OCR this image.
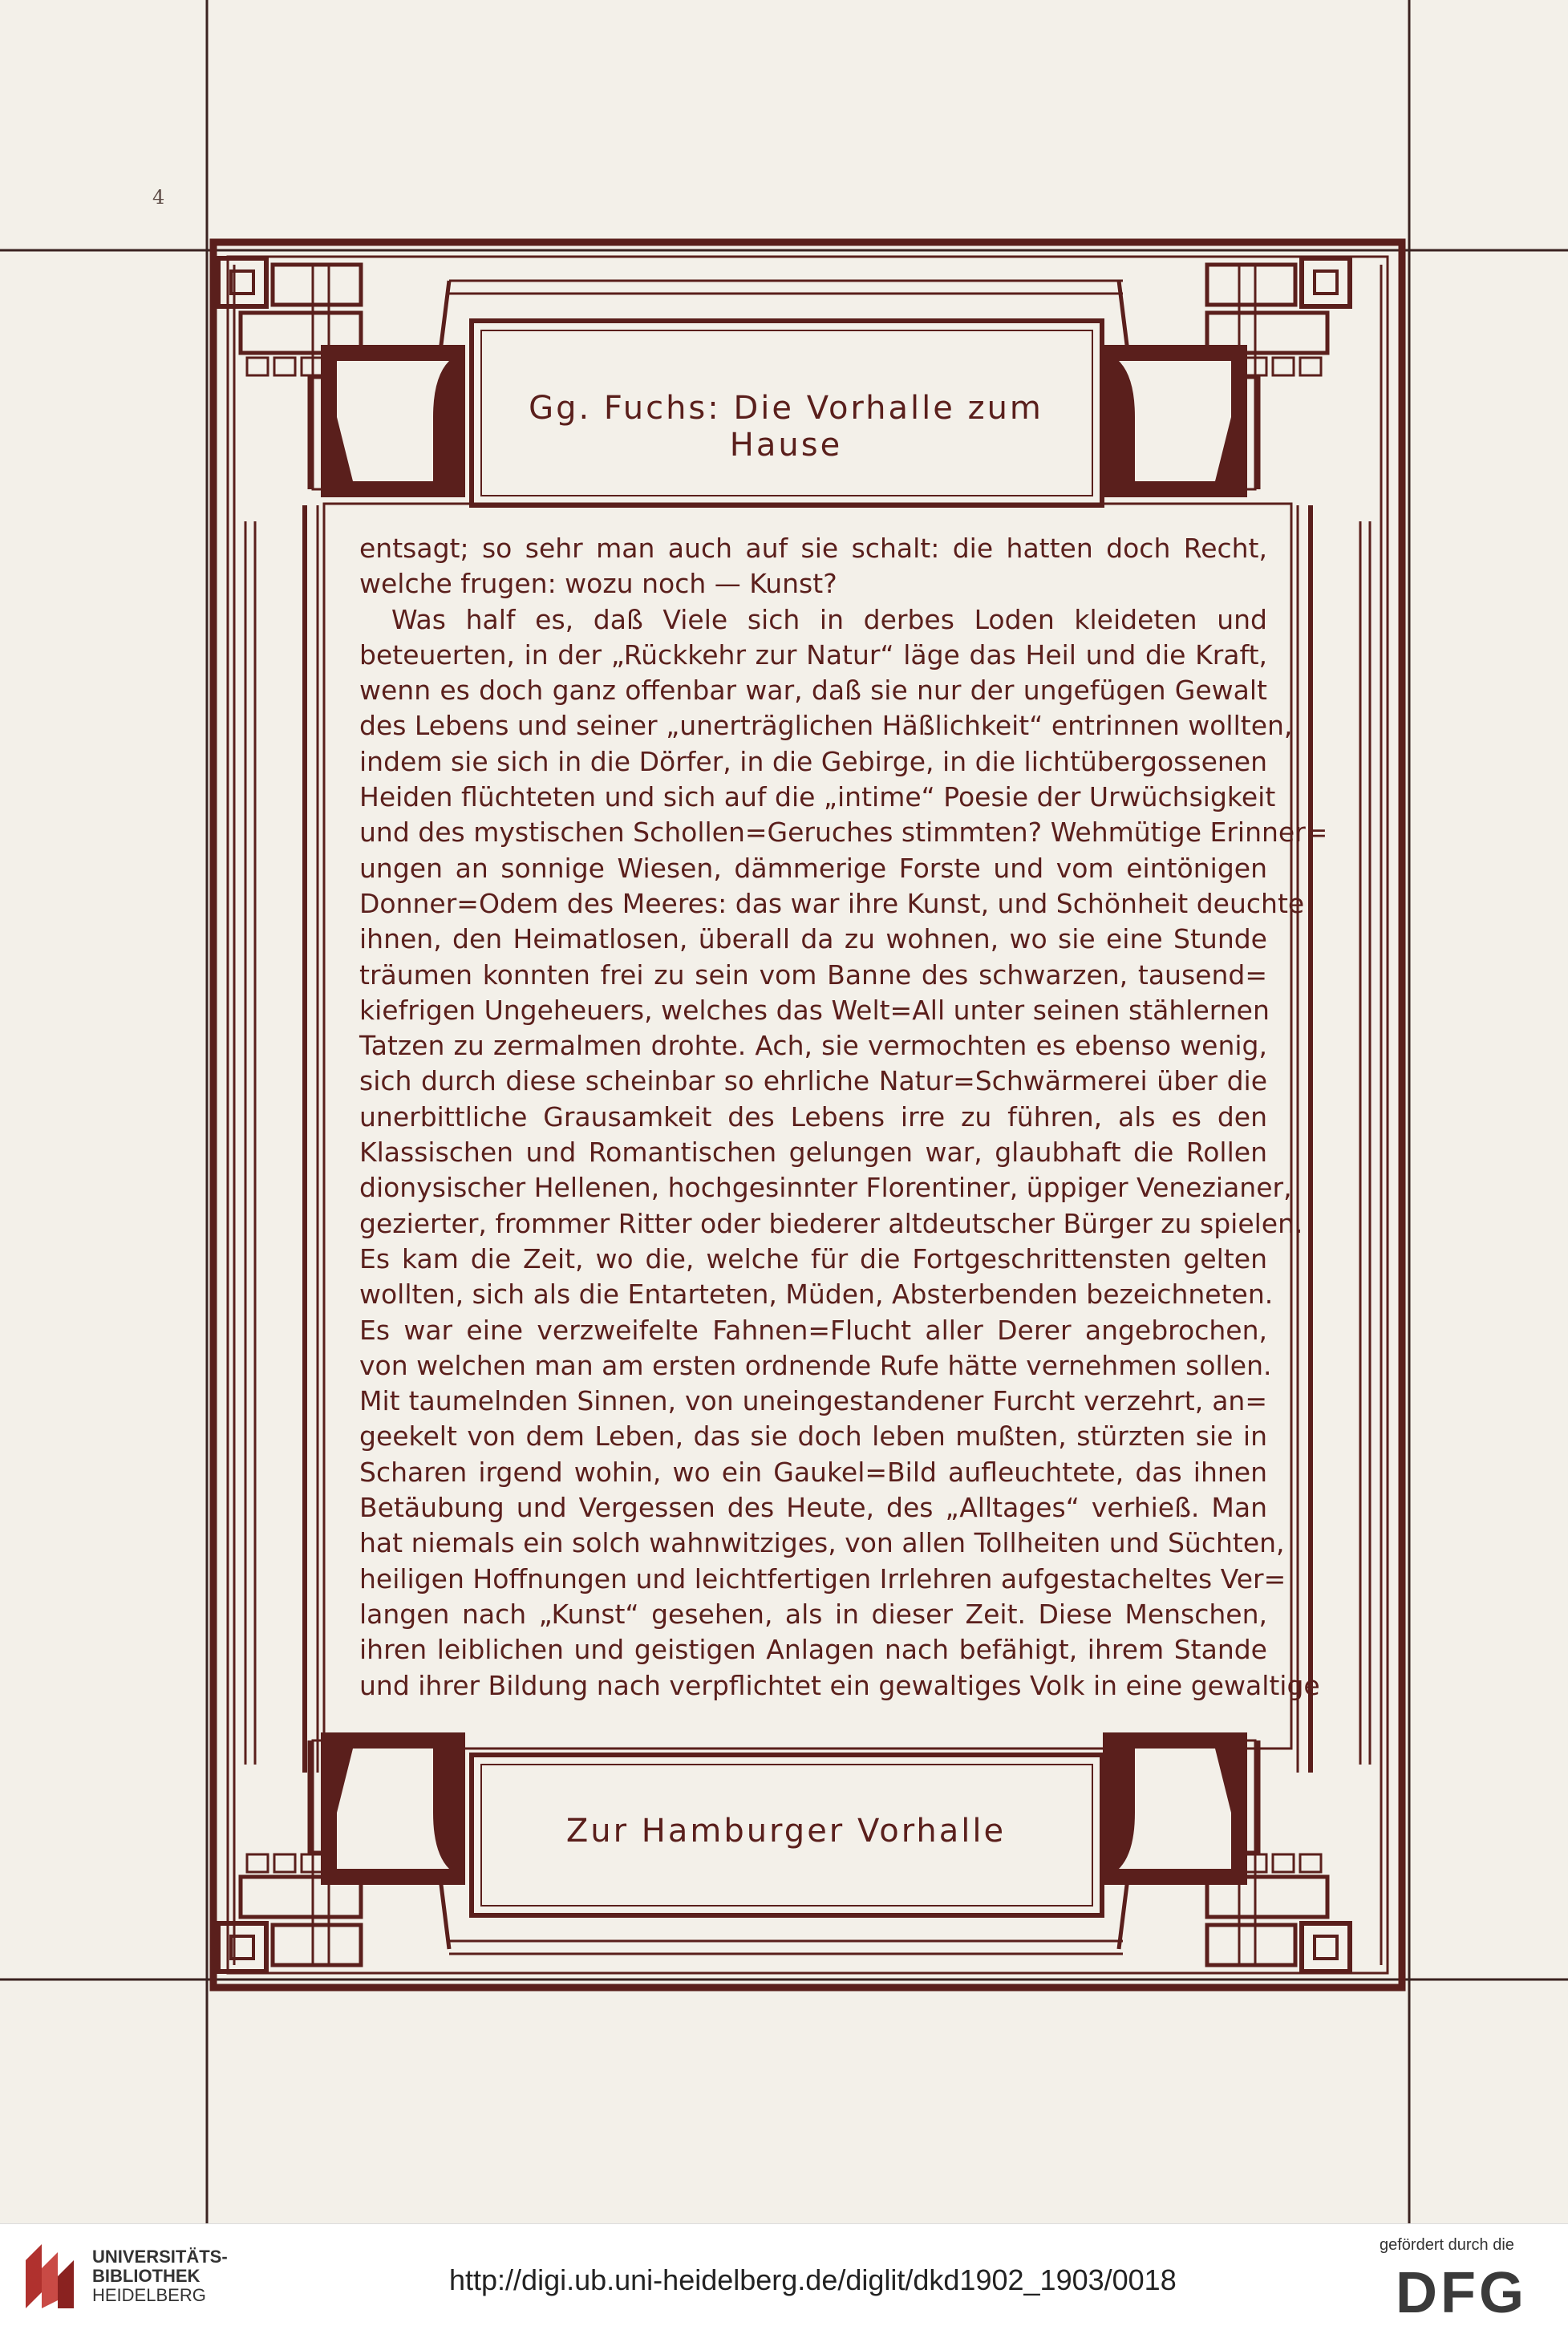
4
Gg. Fuchs: Die Vorhalle zum Hause
Zur Hamburger Vorhalle
entsagt; so sehr man auch auf sie schalt: die hatten doch Recht,
welche frugen: wozu noch — Kunst?
Was half es, daß Viele sich in derbes Loden kleideten und
beteuerten, in der „Rückkehr zur Natur“ läge das Heil und die Kraft,
wenn es doch ganz offenbar war, daß sie nur der ungefügen Gewalt
des Lebens und seiner „unerträglichen Häßlichkeit“ entrinnen wollten,
indem sie sich in die Dörfer, in die Gebirge, in die lichtübergossenen
Heiden flüchteten und sich auf die „intime“ Poesie der Urwüchsigkeit
und des mystischen Schollen=Geruches stimmten? Wehmütige Erinner=
ungen an sonnige Wiesen, dämmerige Forste und vom eintönigen
Donner=Odem des Meeres: das war ihre Kunst, und Schönheit deuchte
ihnen, den Heimatlosen, überall da zu wohnen, wo sie eine Stunde
träumen konnten frei zu sein vom Banne des schwarzen, tausend=
kiefrigen Ungeheuers, welches das Welt=All unter seinen stählernen
Tatzen zu zermalmen drohte. Ach, sie vermochten es ebenso wenig,
sich durch diese scheinbar so ehrliche Natur=Schwärmerei über die
unerbittliche Grausamkeit des Lebens irre zu führen, als es den
Klassischen und Romantischen gelungen war, glaubhaft die Rollen
dionysischer Hellenen, hochgesinnter Florentiner, üppiger Venezianer,
gezierter, frommer Ritter oder biederer altdeutscher Bürger zu spielen.
Es kam die Zeit, wo die, welche für die Fortgeschrittensten gelten
wollten, sich als die Entarteten, Müden, Absterbenden bezeichneten.
Es war eine verzweifelte Fahnen=Flucht aller Derer angebrochen,
von welchen man am ersten ordnende Rufe hätte vernehmen sollen.
Mit taumelnden Sinnen, von uneingestandener Furcht verzehrt, an=
geekelt von dem Leben, das sie doch leben mußten, stürzten sie in
Scharen irgend wohin, wo ein Gaukel=Bild aufleuchtete, das ihnen
Betäubung und Vergessen des Heute, des „Alltages“ verhieß. Man
hat niemals ein solch wahnwitziges, von allen Tollheiten und Süchten,
heiligen Hoffnungen und leichtfertigen Irrlehren aufgestacheltes Ver=
langen nach „Kunst“ gesehen, als in dieser Zeit. Diese Menschen,
ihren leiblichen und geistigen Anlagen nach befähigt, ihrem Stande
und ihrer Bildung nach verpflichtet ein gewaltiges Volk in eine gewaltige
UNIVERSITÄTS-
BIBLIOTHEK
HEIDELBERG	http://digi.ub.uni-heidelberg.de/diglit/dkd1902_1903/0018
gefördert durch die
DFG
